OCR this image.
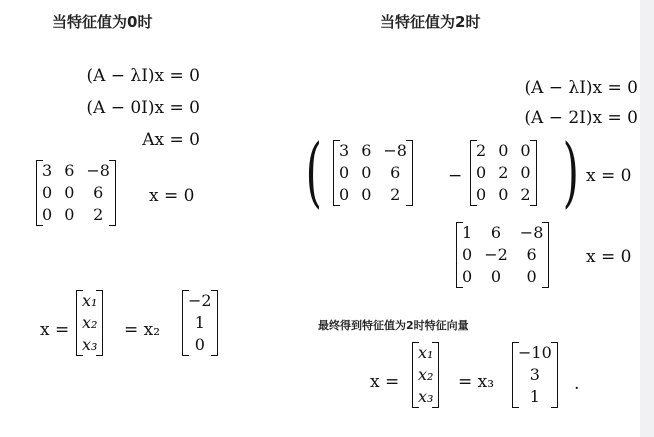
当特征值为0时
(A − λI)x = 0
(A − 0I)x = 0
Ax = 0
3	6	−8
0	0	6
0	0	2
x = 0
x =
x₁
x₂
x₃
= x₂
−2
1
0
当特征值为2时
(A − λI)x = 0
(A − 2I)x = 0
( 3	6	−8
0	0	6
0	0	2
−
2	0	0
0	2	0
0	0	2 ) x = 0
1	6	−8
0	−2	6
0	0	0
x = 0
最终得到特征值为2时特征向量
x =
x₁
x₂
x₃
= x₃
−10
3
1
.
